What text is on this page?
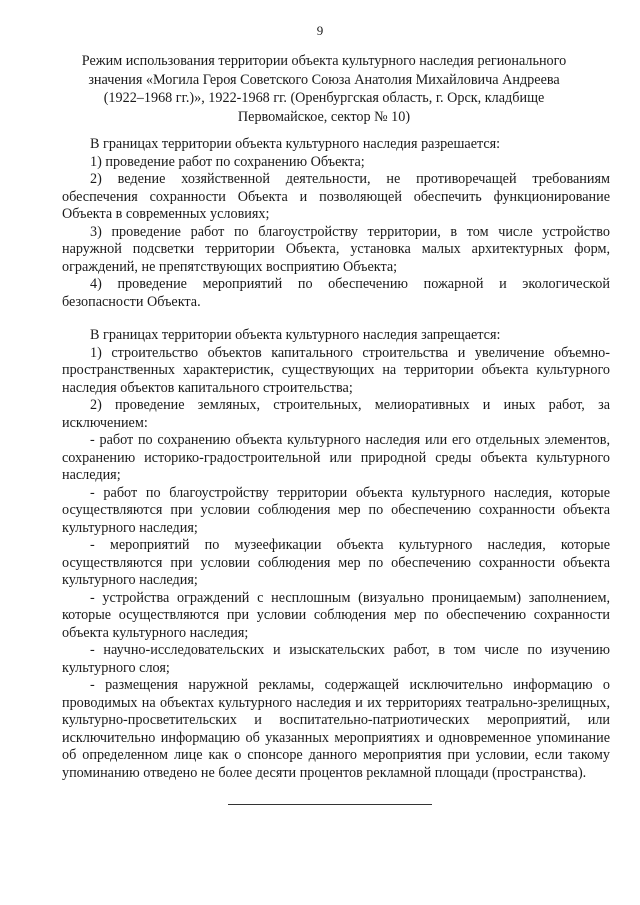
9
Режим использования территории объекта культурного наследия регионального
значения «Могила Героя Советского Союза Анатолия Михайловича Андреева
(1922–1968 гг.)», 1922-1968 гг. (Оренбургская область, г. Орск, кладбище
Первомайское, сектор № 10)

В границах территории объекта культурного наследия разрешается:

1) проведение работ по сохранению Объекта;

2) ведение хозяйственной деятельности, не противоречащей требованиям обеспечения сохранности Объекта и позволяющей обеспечить функционирование Объекта в современных условиях;

3) проведение работ по благоустройству территории, в том числе устройство наружной подсветки территории Объекта, установка малых архитектурных форм, ограждений, не препятствующих восприятию Объекта;

4) проведение мероприятий по обеспечению пожарной и экологической безопасности Объекта.

В границах территории объекта культурного наследия запрещается:

1) строительство объектов капитального строительства и увеличение объемно-пространственных характеристик, существующих на территории объекта культурного наследия объектов капитального строительства;

2) проведение земляных, строительных, мелиоративных и иных работ, за исключением:

- работ по сохранению объекта культурного наследия или его отдельных элементов, сохранению историко-градостроительной или природной среды объекта культурного наследия;

- работ по благоустройству территории объекта культурного наследия, которые осуществляются при условии соблюдения мер по обеспечению сохранности объекта культурного наследия;

- мероприятий по музеефикации объекта культурного наследия, которые осуществляются при условии соблюдения мер по обеспечению сохранности объекта культурного наследия;

- устройства ограждений с несплошным (визуально проницаемым) заполнением, которые осуществляются при условии соблюдения мер по обеспечению сохранности объекта культурного наследия;

- научно-исследовательских и изыскательских работ, в том числе по изучению культурного слоя;

- размещения наружной рекламы, содержащей исключительно информацию о проводимых на объектах культурного наследия и их территориях театрально-зрелищных, культурно-просветительских и воспитательно-патриотических мероприятий, или исключительно информацию об указанных мероприятиях и одновременное упоминание об определенном лице как о спонсоре данного мероприятия при условии, если такому упоминанию отведено не более десяти процентов рекламной площади (пространства).
